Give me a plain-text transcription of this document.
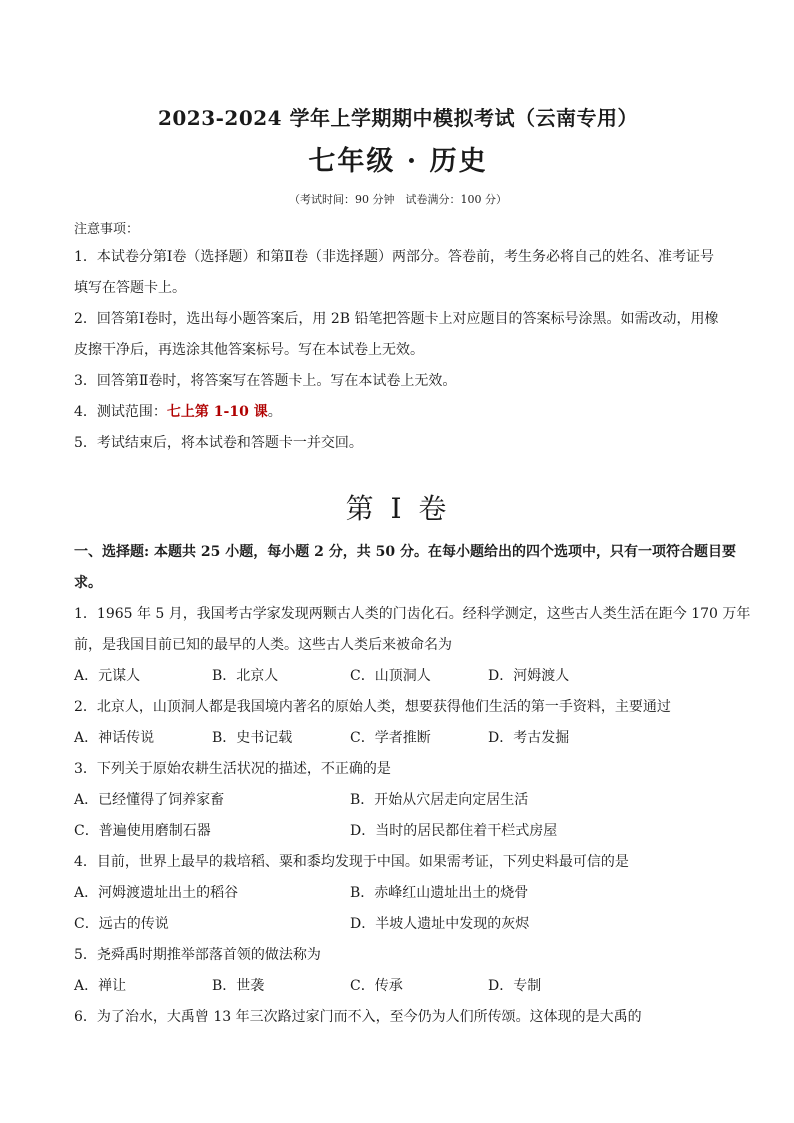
2023-2024 学年上学期期中模拟考试（云南专用）
七年级 · 历史
（考试时间：90 分钟　试卷满分：100 分）
注意事项：
1．本试卷分第Ⅰ卷（选择题）和第Ⅱ卷（非选择题）两部分。答卷前，考生务必将自己的姓名、准考证号
填写在答题卡上。
2．回答第Ⅰ卷时，选出每小题答案后，用 2B 铅笔把答题卡上对应题目的答案标号涂黑。如需改动，用橡
皮擦干净后，再选涂其他答案标号。写在本试卷上无效。
3．回答第Ⅱ卷时，将答案写在答题卡上。写在本试卷上无效。
4．测试范围：七上第 1-10 课。
5．考试结束后，将本试卷和答题卡一并交回。
第 I 卷
一、选择题: 本题共 25 小题，每小题 2 分，共 50 分。在每小题给出的四个选项中，只有一项符合题目要
求。
1．1965 年 5 月，我国考古学家发现两颗古人类的门齿化石。经科学测定，这些古人类生活在距今 170 万年
前，是我国目前已知的最早的人类。这些古人类后来被命名为
A．元谋人	B．北京人	C．山顶洞人	D．河姆渡人
2．北京人，山顶洞人都是我国境内著名的原始人类，想要获得他们生活的第一手资料，主要通过
A．神话传说	B．史书记载	C．学者推断	D．考古发掘
3．下列关于原始农耕生活状况的描述，不正确的是
A．已经懂得了饲养家畜	B．开始从穴居走向定居生活
C．普遍使用磨制石器	D．当时的居民都住着干栏式房屋
4．目前，世界上最早的栽培稻、粟和黍均发现于中国。如果需考证，下列史料最可信的是
A．河姆渡遗址出土的稻谷	B．赤峰红山遗址出土的烧骨
C．远古的传说	D．半坡人遗址中发现的灰烬
5．尧舜禹时期推举部落首领的做法称为
A．禅让	B．世袭	C．传承	D．专制
6．为了治水，大禹曾 13 年三次路过家门而不入，至今仍为人们所传颂。这体现的是大禹的
